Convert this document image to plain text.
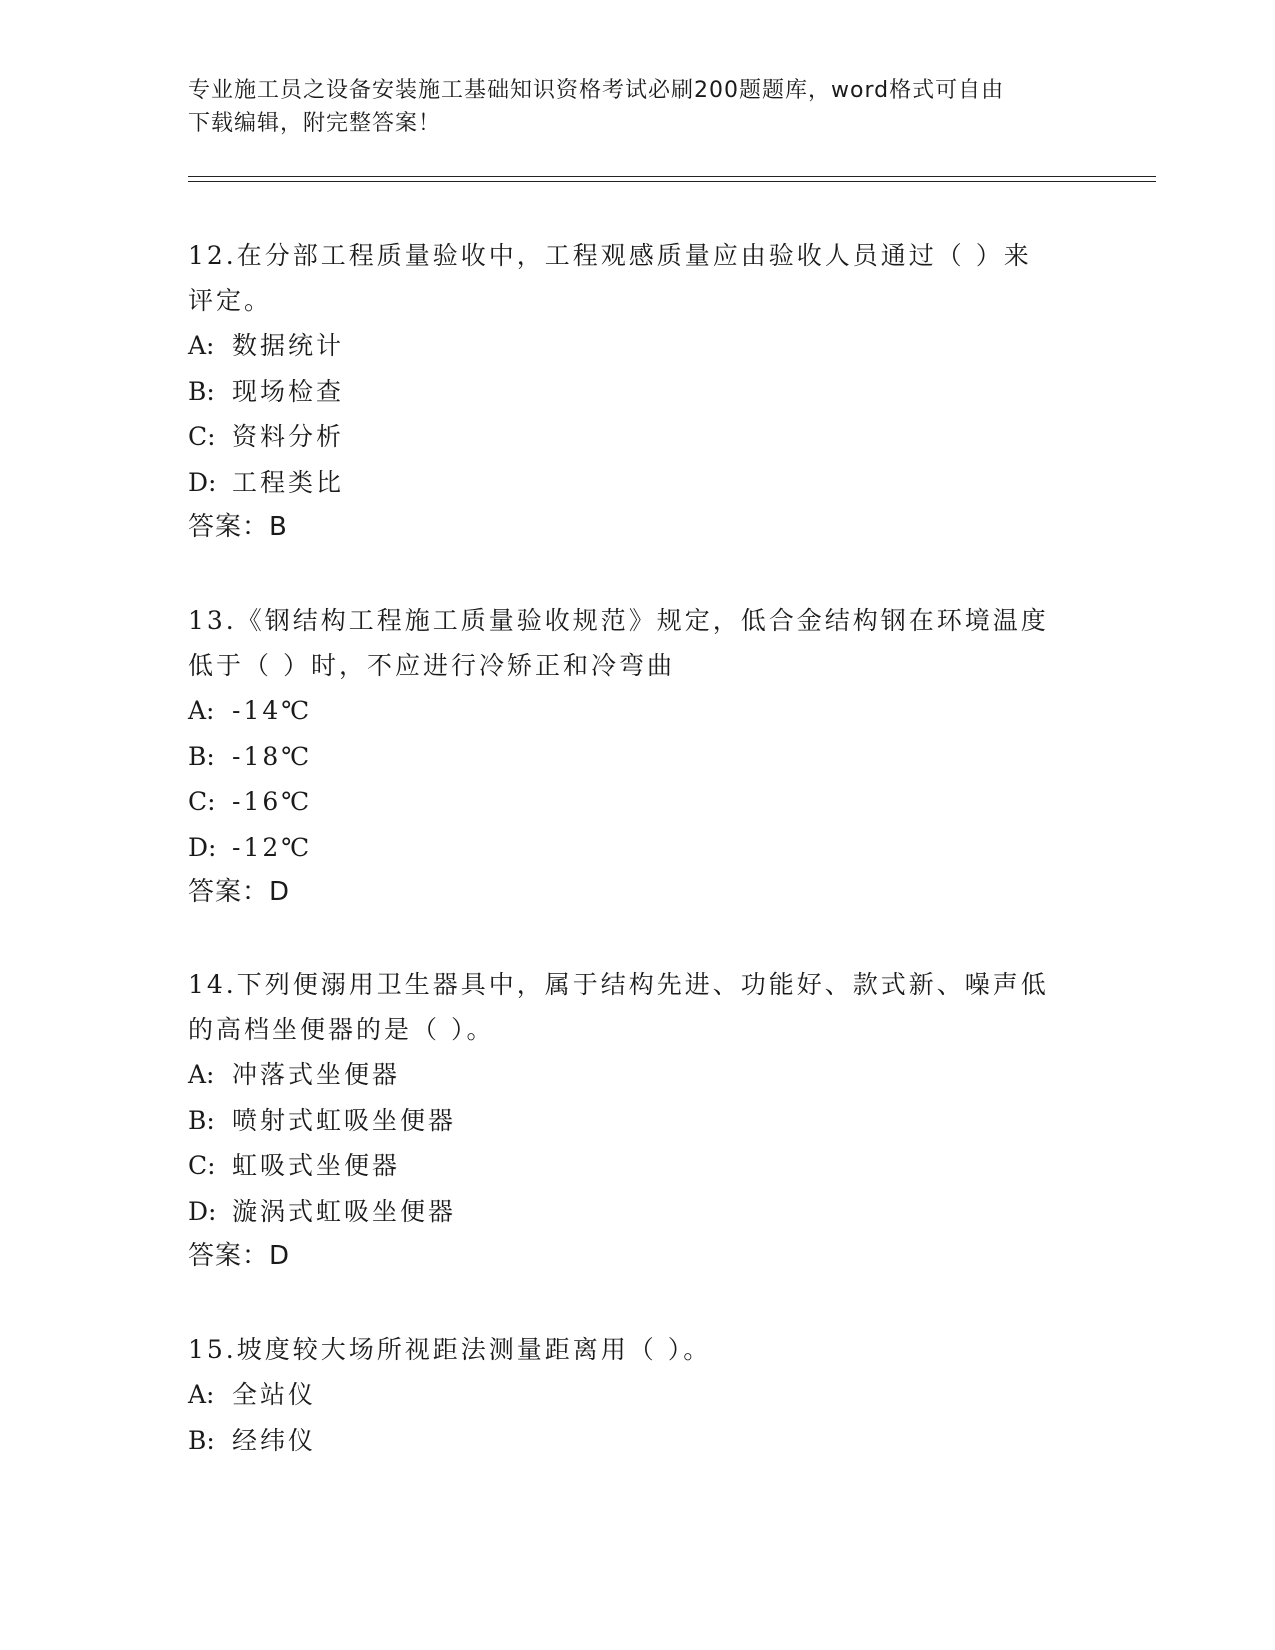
专业施工员之设备安装施工基础知识资格考试必刷200题题库，word格式可自由
下载编辑，附完整答案！

12.在分部工程质量验收中，工程观感质量应由验收人员通过（ ）来
评定。

A: 数据统计

B: 现场检查

C: 资料分析

D: 工程类比

答案：B

13.《钢结构工程施工质量验收规范》规定，低合金结构钢在环境温度
低于（ ）时，不应进行冷矫正和冷弯曲

A: -14℃

B: -18℃

C: -16℃

D: -12℃

答案：D

14.下列便溺用卫生器具中，属于结构先进、功能好、款式新、噪声低
的高档坐便器的是（ ）。

A: 冲落式坐便器

B: 喷射式虹吸坐便器

C: 虹吸式坐便器

D: 漩涡式虹吸坐便器

答案：D

15.坡度较大场所视距法测量距离用（ ）。

A: 全站仪

B: 经纬仪
